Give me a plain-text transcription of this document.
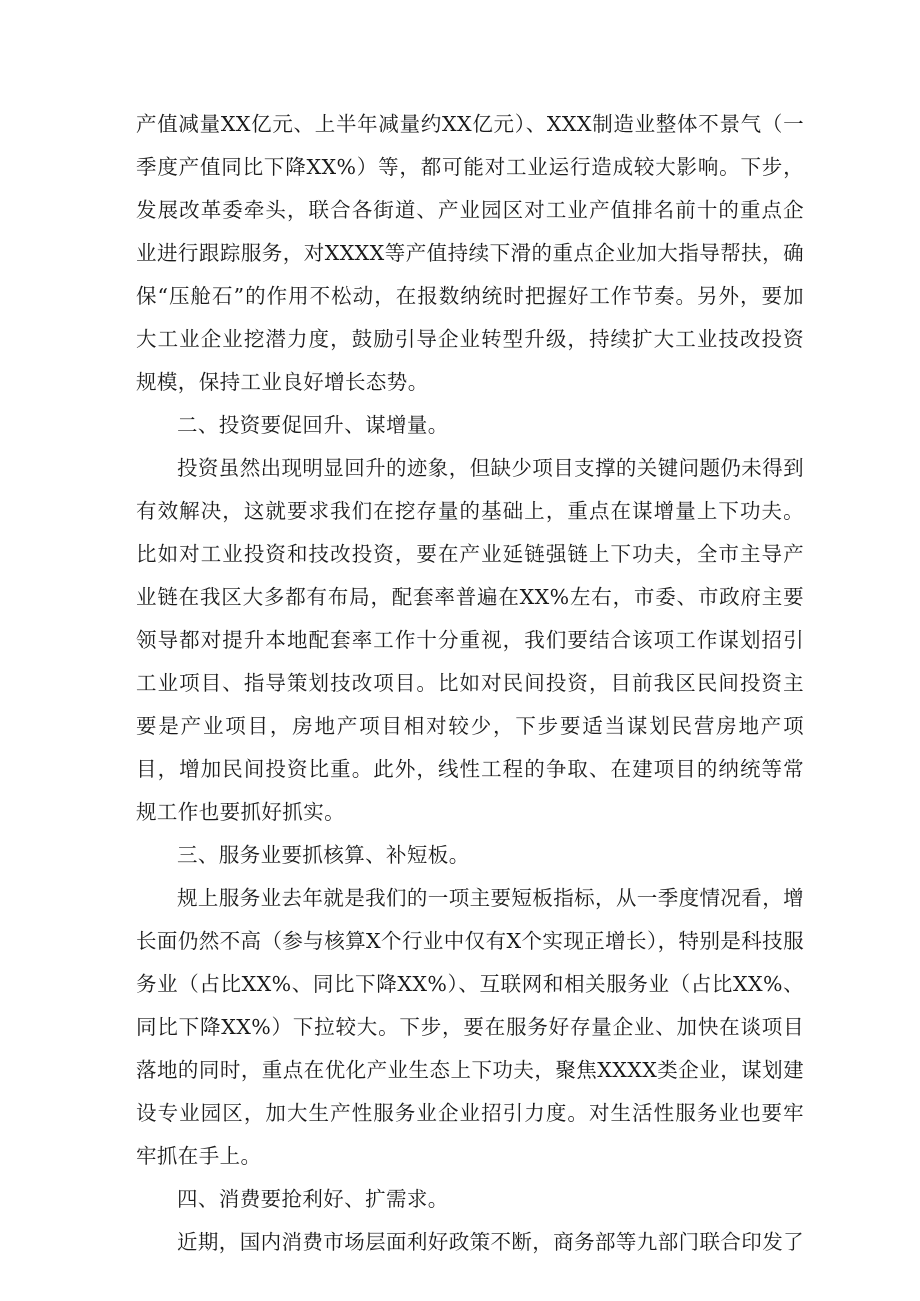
产值减量XX亿元、上半年减量约XX亿元）、XXX制造业整体不景气（一季度产值同比下降XX%）等，都可能对工业运行造成较大影响。下步，发展改革委牵头，联合各街道、产业园区对工业产值排名前十的重点企业进行跟踪服务，对XXXX等产值持续下滑的重点企业加大指导帮扶，确保“压舱石”的作用不松动，在报数纳统时把握好工作节奏。另外，要加大工业企业挖潜力度，鼓励引导企业转型升级，持续扩大工业技改投资规模，保持工业良好增长态势。

二、投资要促回升、谋增量。

投资虽然出现明显回升的迹象，但缺少项目支撑的关键问题仍未得到有效解决，这就要求我们在挖存量的基础上，重点在谋增量上下功夫。比如对工业投资和技改投资，要在产业延链强链上下功夫，全市主导产业链在我区大多都有布局，配套率普遍在XX%左右，市委、市政府主要领导都对提升本地配套率工作十分重视，我们要结合该项工作谋划招引工业项目、指导策划技改项目。比如对民间投资，目前我区民间投资主要是产业项目，房地产项目相对较少，下步要适当谋划民营房地产项目，增加民间投资比重。此外，线性工程的争取、在建项目的纳统等常规工作也要抓好抓实。

三、服务业要抓核算、补短板。

规上服务业去年就是我们的一项主要短板指标，从一季度情况看，增长面仍然不高（参与核算X个行业中仅有X个实现正增长），特别是科技服务业（占比XX%、同比下降XX%）、互联网和相关服务业（占比XX%、同比下降XX%）下拉较大。下步，要在服务好存量企业、加快在谈项目落地的同时，重点在优化产业生态上下功夫，聚焦XXXX类企业，谋划建设专业园区，加大生产性服务业企业招引力度。对生活性服务业也要牢牢抓在手上。

四、消费要抢利好、扩需求。

近期，国内消费市场层面利好政策不断，商务部等九部门联合印发了
